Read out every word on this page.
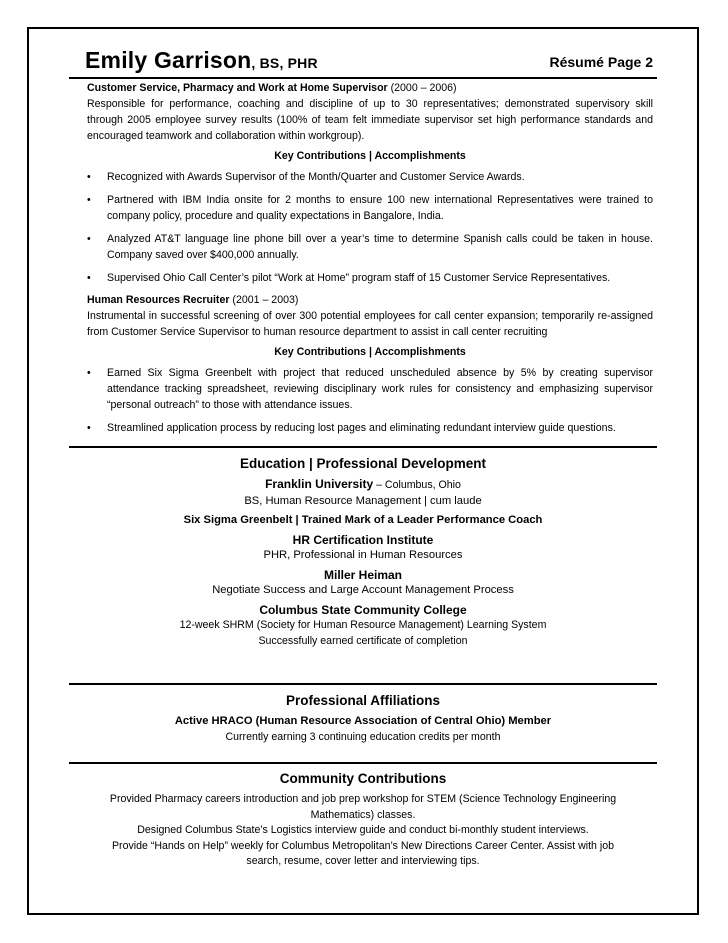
Emily Garrison, BS, PHR	Résumé Page 2
Customer Service, Pharmacy and Work at Home Supervisor (2000 – 2006)
Responsible for performance, coaching and discipline of up to 30 representatives; demonstrated supervisory skill through 2005 employee survey results (100% of team felt immediate supervisor set high performance standards and encouraged teamwork and collaboration within workgroup).
Key Contributions | Accomplishments
• Recognized with Awards Supervisor of the Month/Quarter and Customer Service Awards.
• Partnered with IBM India onsite for 2 months to ensure 100 new international Representatives were trained to company policy, procedure and quality expectations in Bangalore, India.
• Analyzed AT&T language line phone bill over a year’s time to determine Spanish calls could be taken in house. Company saved over $400,000 annually.
• Supervised Ohio Call Center’s pilot “Work at Home” program staff of 15 Customer Service Representatives.
Human Resources Recruiter (2001 – 2003)
Instrumental in successful screening of over 300 potential employees for call center expansion; temporarily re-assigned from Customer Service Supervisor to human resource department to assist in call center recruiting
Key Contributions | Accomplishments
• Earned Six Sigma Greenbelt with project that reduced unscheduled absence by 5% by creating supervisor attendance tracking spreadsheet, reviewing disciplinary work rules for consistency and emphasizing supervisor “personal outreach” to those with attendance issues.
• Streamlined application process by reducing lost pages and eliminating redundant interview guide questions.
Education | Professional Development
Franklin University – Columbus, Ohio
BS, Human Resource Management | cum laude
Six Sigma Greenbelt | Trained Mark of a Leader Performance Coach
HR Certification Institute
PHR, Professional in Human Resources
Miller Heiman
Negotiate Success and Large Account Management Process
Columbus State Community College
12-week SHRM (Society for Human Resource Management) Learning System
Successfully earned certificate of completion
Professional Affiliations
Active HRACO (Human Resource Association of Central Ohio) Member
Currently earning 3 continuing education credits per month
Community Contributions
Provided Pharmacy careers introduction and job prep workshop for STEM (Science Technology Engineering Mathematics) classes.
Designed Columbus State’s Logistics interview guide and conduct bi-monthly student interviews.
Provide “Hands on Help” weekly for Columbus Metropolitan’s New Directions Career Center. Assist with job search, resume, cover letter and interviewing tips.
